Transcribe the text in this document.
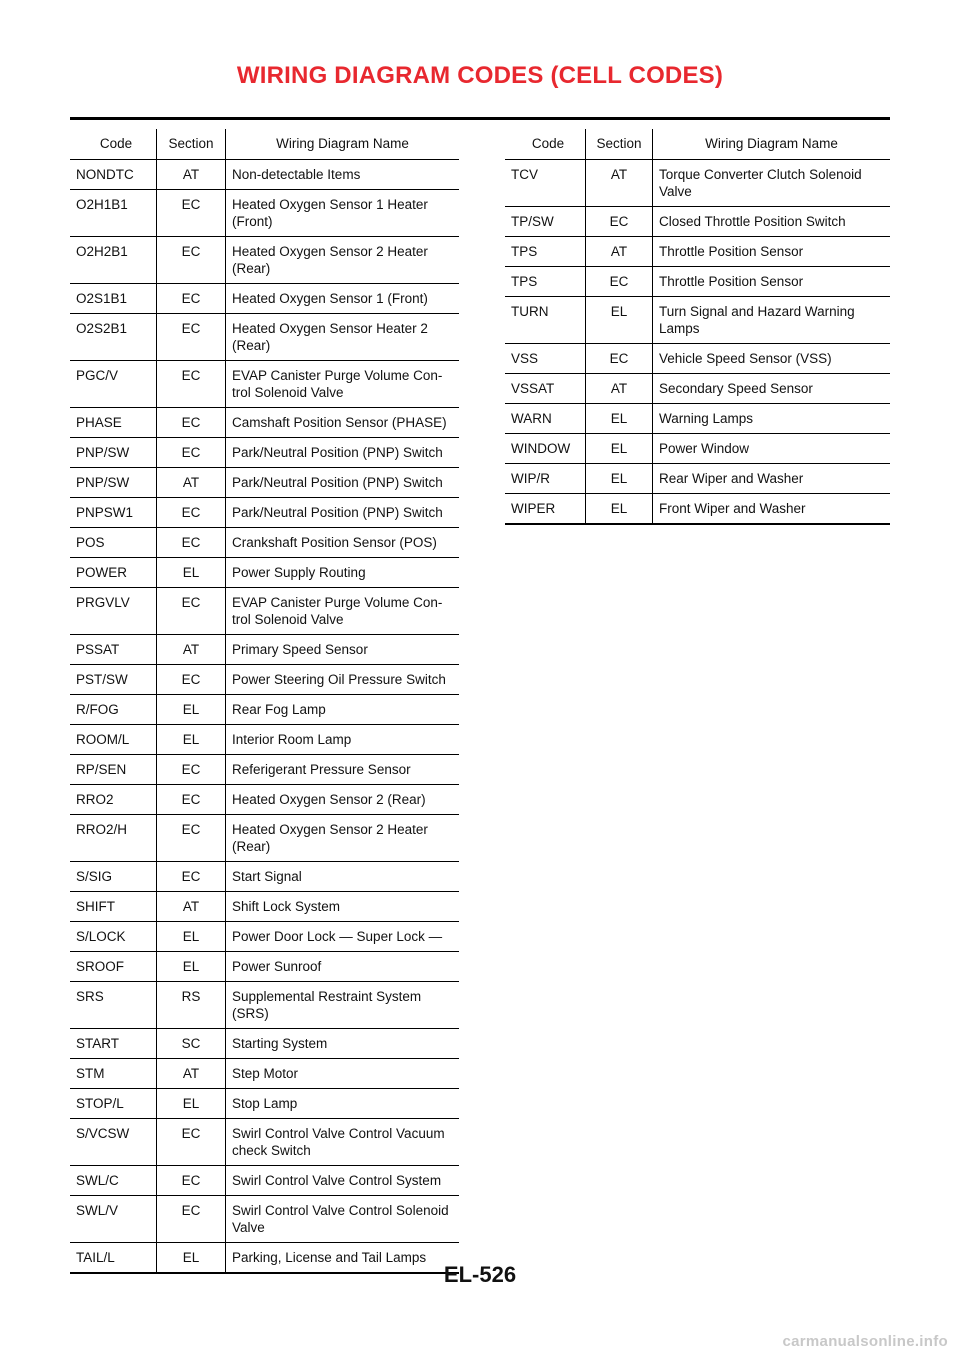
WIRING DIAGRAM CODES (CELL CODES)
Code	Section	Wiring Diagram Name
NONDTC	AT	Non-detectable Items
O2H1B1	EC	Heated Oxygen Sensor 1 Heater
(Front)
O2H2B1	EC	Heated Oxygen Sensor 2 Heater
(Rear)
O2S1B1	EC	Heated Oxygen Sensor 1 (Front)
O2S2B1	EC	Heated Oxygen Sensor Heater 2
(Rear)
PGC/V	EC	EVAP Canister Purge Volume Con-
trol Solenoid Valve
PHASE	EC	Camshaft Position Sensor (PHASE)
PNP/SW	EC	Park/Neutral Position (PNP) Switch
PNP/SW	AT	Park/Neutral Position (PNP) Switch
PNPSW1	EC	Park/Neutral Position (PNP) Switch
POS	EC	Crankshaft Position Sensor (POS)
POWER	EL	Power Supply Routing
PRGVLV	EC	EVAP Canister Purge Volume Con-
trol Solenoid Valve
PSSAT	AT	Primary Speed Sensor
PST/SW	EC	Power Steering Oil Pressure Switch
R/FOG	EL	Rear Fog Lamp
ROOM/L	EL	Interior Room Lamp
RP/SEN	EC	Referigerant Pressure Sensor
RRO2	EC	Heated Oxygen Sensor 2 (Rear)
RRO2/H	EC	Heated Oxygen Sensor 2 Heater
(Rear)
S/SIG	EC	Start Signal
SHIFT	AT	Shift Lock System
S/LOCK	EL	Power Door Lock — Super Lock —
SROOF	EL	Power Sunroof
SRS	RS	Supplemental Restraint System
(SRS)
START	SC	Starting System
STM	AT	Step Motor
STOP/L	EL	Stop Lamp
S/VCSW	EC	Swirl Control Valve Control Vacuum
check Switch
SWL/C	EC	Swirl Control Valve Control System
SWL/V	EC	Swirl Control Valve Control Solenoid
Valve
TAIL/L	EL	Parking, License and Tail Lamps
Code	Section	Wiring Diagram Name
TCV	AT	Torque Converter Clutch Solenoid
Valve
TP/SW	EC	Closed Throttle Position Switch
TPS	AT	Throttle Position Sensor
TPS	EC	Throttle Position Sensor
TURN	EL	Turn Signal and Hazard Warning
Lamps
VSS	EC	Vehicle Speed Sensor (VSS)
VSSAT	AT	Secondary Speed Sensor
WARN	EL	Warning Lamps
WINDOW	EL	Power Window
WIP/R	EL	Rear Wiper and Washer
WIPER	EL	Front Wiper and Washer
EL-526
carmanualsonline.info
